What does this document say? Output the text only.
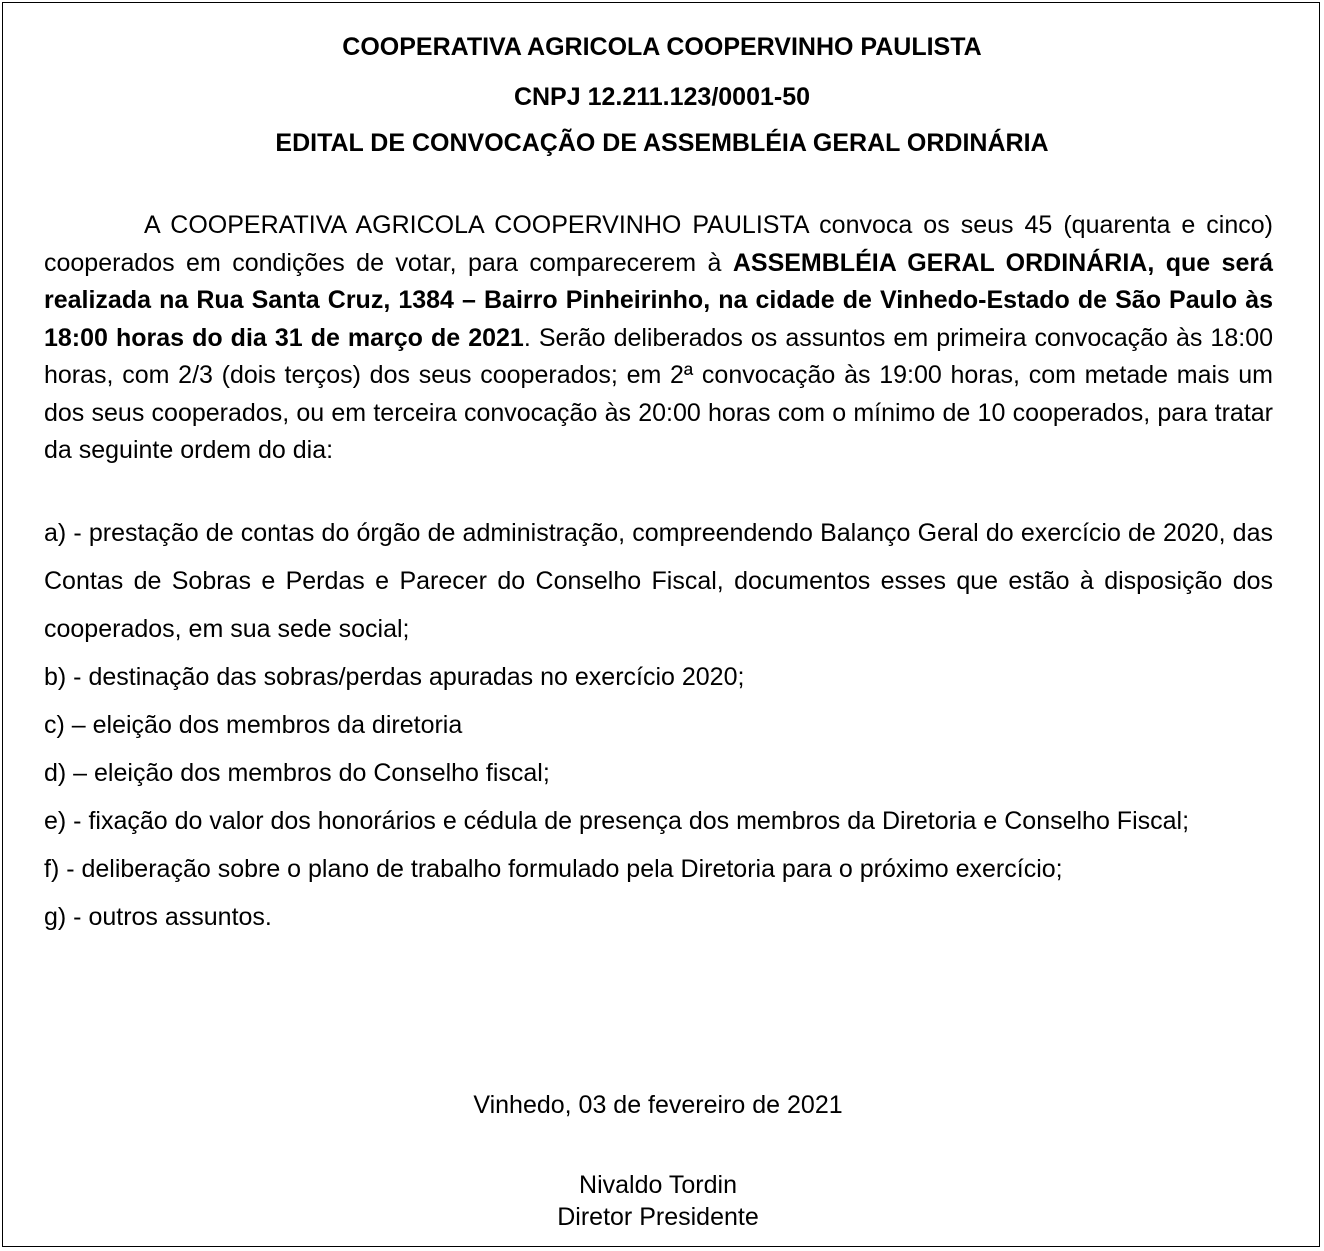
COOPERATIVA AGRICOLA COOPERVINHO PAULISTA
CNPJ 12.211.123/0001-50
EDITAL DE CONVOCAÇÃO DE ASSEMBLÉIA GERAL ORDINÁRIA
A COOPERATIVA AGRICOLA COOPERVINHO PAULISTA convoca os seus 45 (quarenta e cinco) cooperados em condições de votar, para comparecerem à ASSEMBLÉIA GERAL ORDINÁRIA, que será realizada na Rua Santa Cruz, 1384 – Bairro Pinheirinho, na cidade de Vinhedo-Estado de São Paulo às 18:00 horas do dia 31 de março de 2021. Serão deliberados os assuntos em primeira convocação às 18:00 horas, com 2/3 (dois terços) dos seus cooperados; em 2ª convocação às 19:00 horas, com metade mais um dos seus cooperados, ou em terceira convocação às 20:00 horas com o mínimo de 10 cooperados, para tratar da seguinte ordem do dia:

a) - prestação de contas do órgão de administração, compreendendo Balanço Geral do exercício de 2020, das Contas de Sobras e Perdas e Parecer do Conselho Fiscal, documentos esses que estão à disposição dos cooperados, em sua sede social;

b) - destinação das sobras/perdas apuradas no exercício 2020;

c) – eleição dos membros da diretoria

d) – eleição dos membros do Conselho fiscal;

e) - fixação do valor dos honorários e cédula de presença dos membros da Diretoria e Conselho Fiscal;

f) - deliberação sobre o plano de trabalho formulado pela Diretoria para o próximo exercício;

g) - outros assuntos.

Vinhedo, 03 de fevereiro de 2021
Nivaldo Tordin
Diretor Presidente
